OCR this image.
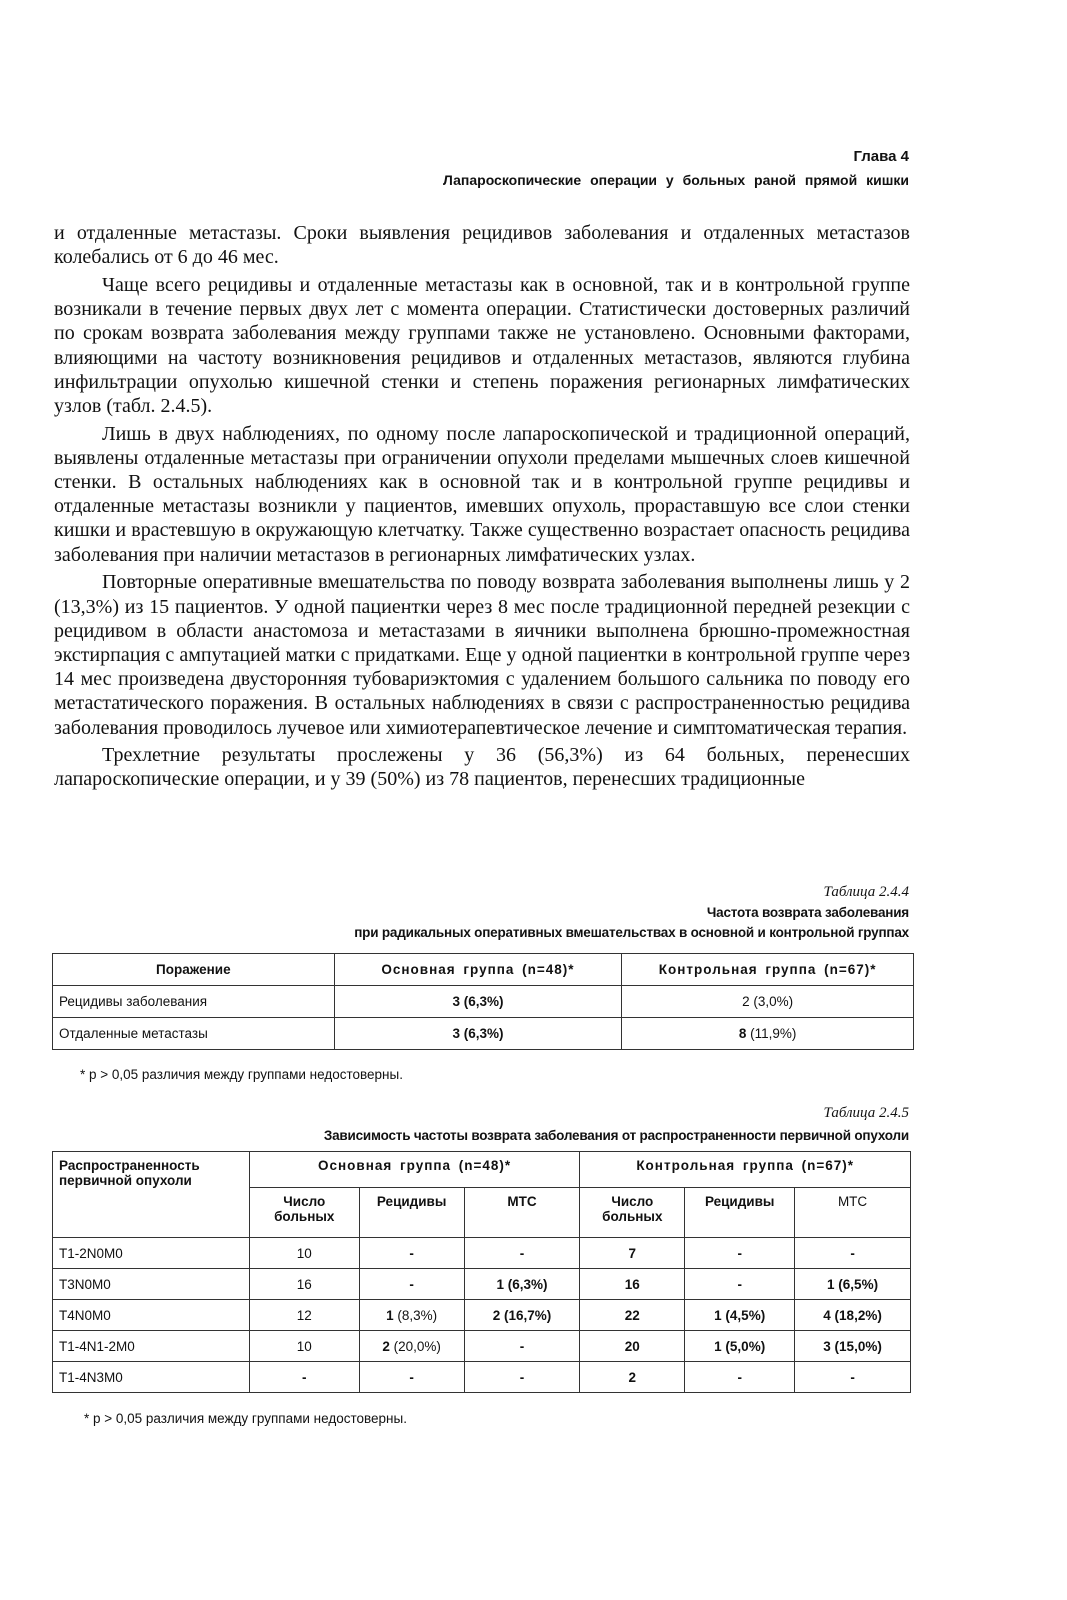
Глава 4
Лапароскопические операции у больных раной прямой кишки

и отдаленные метастазы. Сроки выявления рецидивов заболевания и отдаленных метастазов колебались от 6 до 46 мес.

Чаще всего рецидивы и отдаленные метастазы как в основной, так и в контрольной группе возникали в течение первых двух лет с момента операции. Статистически достоверных различий по срокам возврата заболевания между группами также не установлено. Основными факторами, влияющими на частоту возникновения рецидивов и отдаленных метастазов, являются глубина инфильтрации опухолью кишечной стенки и степень поражения регионарных лимфатических узлов (табл. 2.4.5).

Лишь в двух наблюдениях, по одному после лапароскопической и традиционной операций, выявлены отдаленные метастазы при ограничении опухоли пределами мышечных слоев кишечной стенки. В остальных наблюдениях как в основной так и в контрольной группе рецидивы и отдаленные метастазы возникли у пациентов, имевших опухоль, прораставшую все слои стенки кишки и врастевшую в окружающую клетчатку. Также существенно возрастает опасность рецидива заболевания при наличии метастазов в регионарных лимфатических узлах.

Повторные оперативные вмешательства по поводу возврата заболевания выполнены лишь у 2 (13,3%) из 15 пациентов. У одной пациентки через 8 мес после традиционной передней резекции с рецидивом в области анастомоза и метастазами в яичники выполнена брюшно-промежностная экстирпация с ампутацией матки с придатками. Еще у одной пациентки в контрольной группе через 14 мес произведена двусторонняя тубовариэктомия с удалением большого сальника по поводу его метастатического поражения. В остальных наблюдениях в связи с распространенностью рецидива заболевания проводилось лучевое или химиотерапевтическое лечение и симптоматическая терапия.

Трехлетние результаты прослежены у 36 (56,3%) из 64 больных, перенесших лапароскопические операции, и у 39 (50%) из 78 пациентов, перенесших традиционные

Таблица 2.4.4
Частота возврата заболевания
при радикальных оперативных вмешательствах в основной и контрольной группах
Поражение	Основная группа (n=48)*	Контрольная группа (n=67)*
Рецидивы заболевания	3 (6,3%)	2 (3,0%)
Отдаленные метастазы	3 (6,3%)	8 (11,9%)
* p > 0,05 различия между группами недостоверны.
Таблица 2.4.5
Зависимость частоты возврата заболевания от распространенности первичной опухоли
Распространенность первичной опухоли	Основная группа (n=48)*			Контрольная группа (n=67)*		
	Число больных	Рецидивы	МТС	Число больных	Рецидивы	МТС
T1-2N0M0	10	-	-	7	-	-
T3N0M0	16	-	1 (6,3%)	16	-	1 (6,5%)
T4N0M0	12	1 (8,3%)	2 (16,7%)	22	1 (4,5%)	4 (18,2%)
T1-4N1-2M0	10	2 (20,0%)	-	20	1 (5,0%)	3 (15,0%)
T1-4N3M0	-	-	-	2	-	-
* p > 0,05 различия между группами недостоверны.
